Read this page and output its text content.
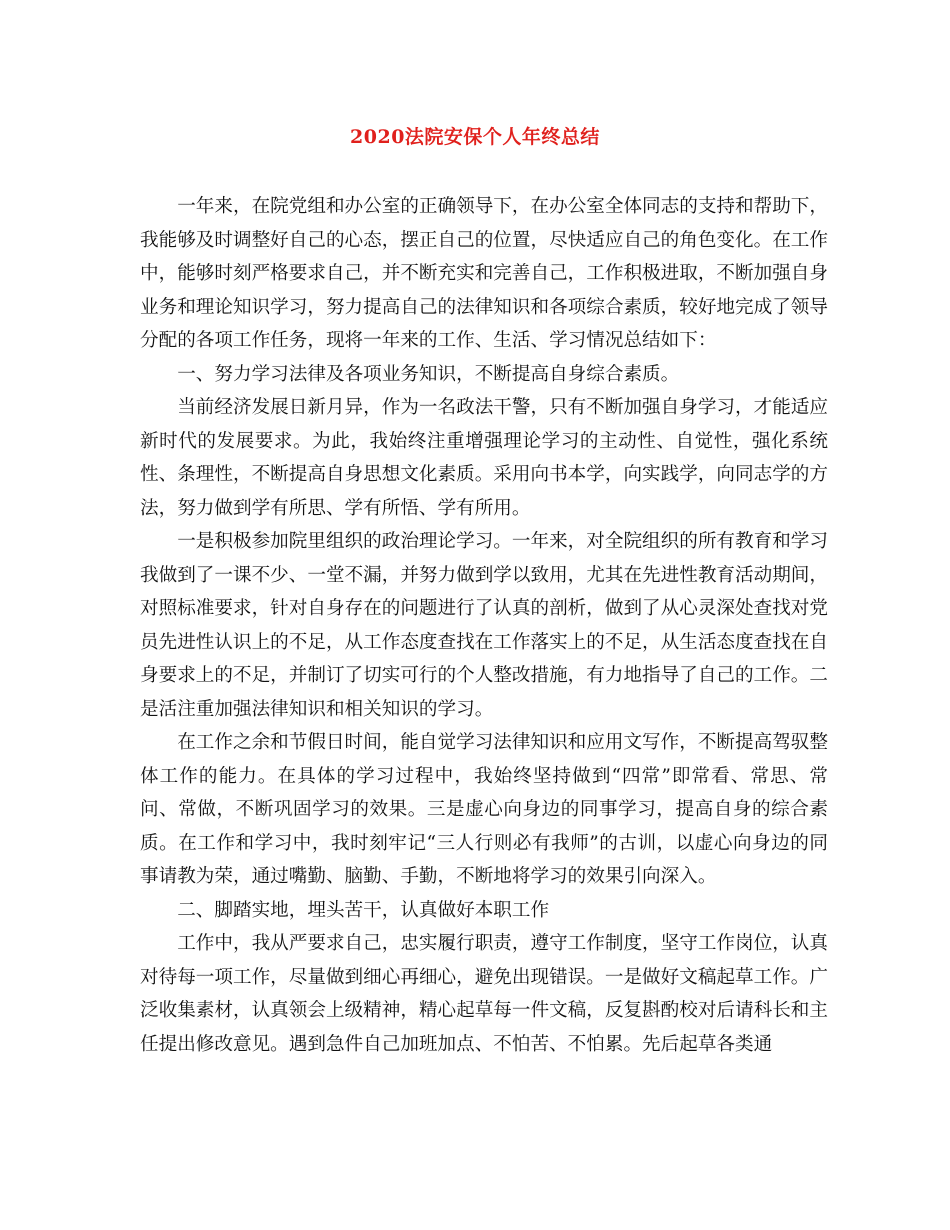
2020法院安保个人年终总结

一年来，在院党组和办公室的正确领导下，在办公室全体同志的支持和帮助下，我能够及时调整好自己的心态，摆正自己的位置，尽快适应自己的角色变化。在工作中，能够时刻严格要求自己，并不断充实和完善自己，工作积极进取，不断加强自身业务和理论知识学习，努力提高自己的法律知识和各项综合素质，较好地完成了领导分配的各项工作任务，现将一年来的工作、生活、学习情况总结如下：

一、努力学习法律及各项业务知识，不断提高自身综合素质。

当前经济发展日新月异，作为一名政法干警，只有不断加强自身学习，才能适应新时代的发展要求。为此，我始终注重增强理论学习的主动性、自觉性，强化系统性、条理性，不断提高自身思想文化素质。采用向书本学，向实践学，向同志学的方法，努力做到学有所思、学有所悟、学有所用。

一是积极参加院里组织的政治理论学习。一年来，对全院组织的所有教育和学习我做到了一课不少、一堂不漏，并努力做到学以致用，尤其在先进性教育活动期间，对照标准要求，针对自身存在的问题进行了认真的剖析，做到了从心灵深处查找对党员先进性认识上的不足，从工作态度查找在工作落实上的不足，从生活态度查找在自身要求上的不足，并制订了切实可行的个人整改措施，有力地指导了自己的工作。二是活注重加强法律知识和相关知识的学习。

在工作之余和节假日时间，能自觉学习法律知识和应用文写作，不断提高驾驭整体工作的能力。在具体的学习过程中，我始终坚持做到“四常”即常看、常思、常问、常做，不断巩固学习的效果。三是虚心向身边的同事学习，提高自身的综合素质。在工作和学习中，我时刻牢记“三人行则必有我师”的古训，以虚心向身边的同事请教为荣，通过嘴勤、脑勤、手勤，不断地将学习的效果引向深入。

二、脚踏实地，埋头苦干，认真做好本职工作

工作中，我从严要求自己，忠实履行职责，遵守工作制度，坚守工作岗位，认真对待每一项工作，尽量做到细心再细心，避免出现错误。一是做好文稿起草工作。广泛收集素材，认真领会上级精神，精心起草每一件文稿，反复斟酌校对后请科长和主任提出修改意见。遇到急件自己加班加点、不怕苦、不怕累。先后起草各类通
